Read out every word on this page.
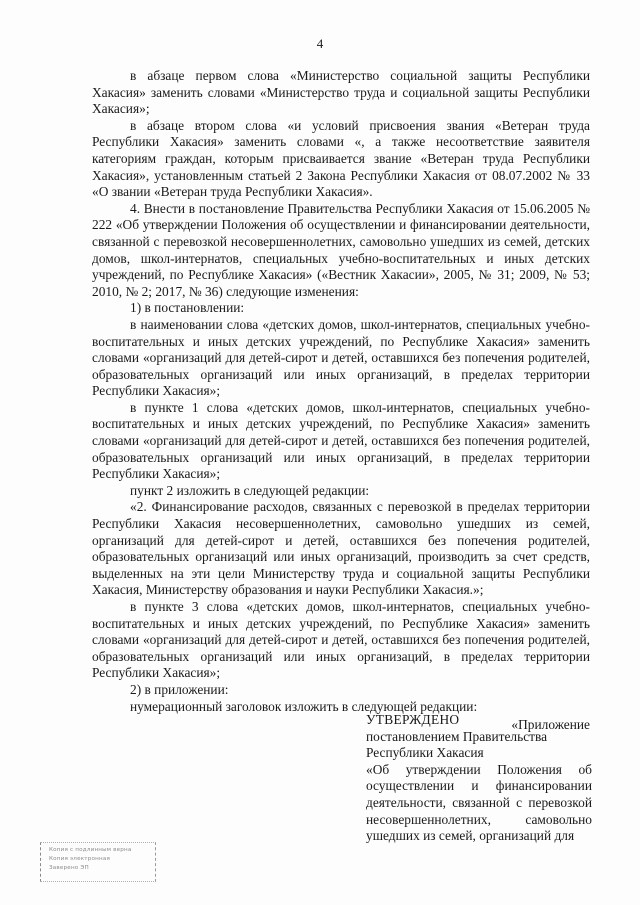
4

в абзаце первом слова «Министерство социальной защиты Республики Хакасия» заменить словами «Министерство труда и социальной защиты Республики Хакасия»;

в абзаце втором слова «и условий присвоения звания «Ветеран труда Республики Хакасия» заменить словами «, а также несоответствие заявителя категориям граждан, которым присваивается звание «Ветеран труда Республики Хакасия», установленным статьей 2 Закона Республики Хакасия от 08.07.2002 № 33 «О звании «Ветеран труда Республики Хакасия».

4. Внести в постановление Правительства Республики Хакасия от 15.06.2005 № 222 «Об утверждении Положения об осуществлении и финансировании деятельности, связанной с перевозкой несовершеннолетних, самовольно ушедших из семей, детских домов, школ-интернатов, специальных учебно-воспитательных и иных детских учреждений, по Республике Хакасия» («Вестник Хакасии», 2005, № 31; 2009, № 53; 2010, № 2; 2017, № 36) следующие изменения:

1) в постановлении:

в наименовании слова «детских домов, школ-интернатов, специальных учебно-воспитательных и иных детских учреждений, по Республике Хакасия» заменить словами «организаций для детей-сирот и детей, оставшихся без попечения родителей, образовательных организаций или иных организаций, в пределах территории Республики Хакасия»;

в пункте 1 слова «детских домов, школ-интернатов, специальных учебно-воспитательных и иных детских учреждений, по Республике Хакасия» заменить словами «организаций для детей-сирот и детей, оставшихся без попечения родителей, образовательных организаций или иных организаций, в пределах территории Республики Хакасия»;

пункт 2 изложить в следующей редакции:

«2. Финансирование расходов, связанных с перевозкой в пределах территории Республики Хакасия несовершеннолетних, самовольно ушедших из семей, организаций для детей-сирот и детей, оставшихся без попечения родителей, образовательных организаций или иных организаций, производить за счет средств, выделенных на эти цели Министерству труда и социальной защиты Республики Хакасия, Министерству образования и науки Республики Хакасия.»;

в пункте 3 слова «детских домов, школ-интернатов, специальных учебно-воспитательных и иных детских учреждений, по Республике Хакасия» заменить словами «организаций для детей-сирот и детей, оставшихся без попечения родителей, образовательных организаций или иных организаций, в пределах территории Республики Хакасия»;

2) в приложении:

нумерационный заголовок изложить в следующей редакции:

«Приложение

УТВЕРЖДЕНО

постановлением Правительства

Республики Хакасия

«Об утверждении Положения об осуществлении и финансировании деятельности, связанной с перевозкой несовершеннолетних, самовольно ушедших из семей, организаций для

Копия с подлинным верна
Копия электронная
Заверено ЭП
